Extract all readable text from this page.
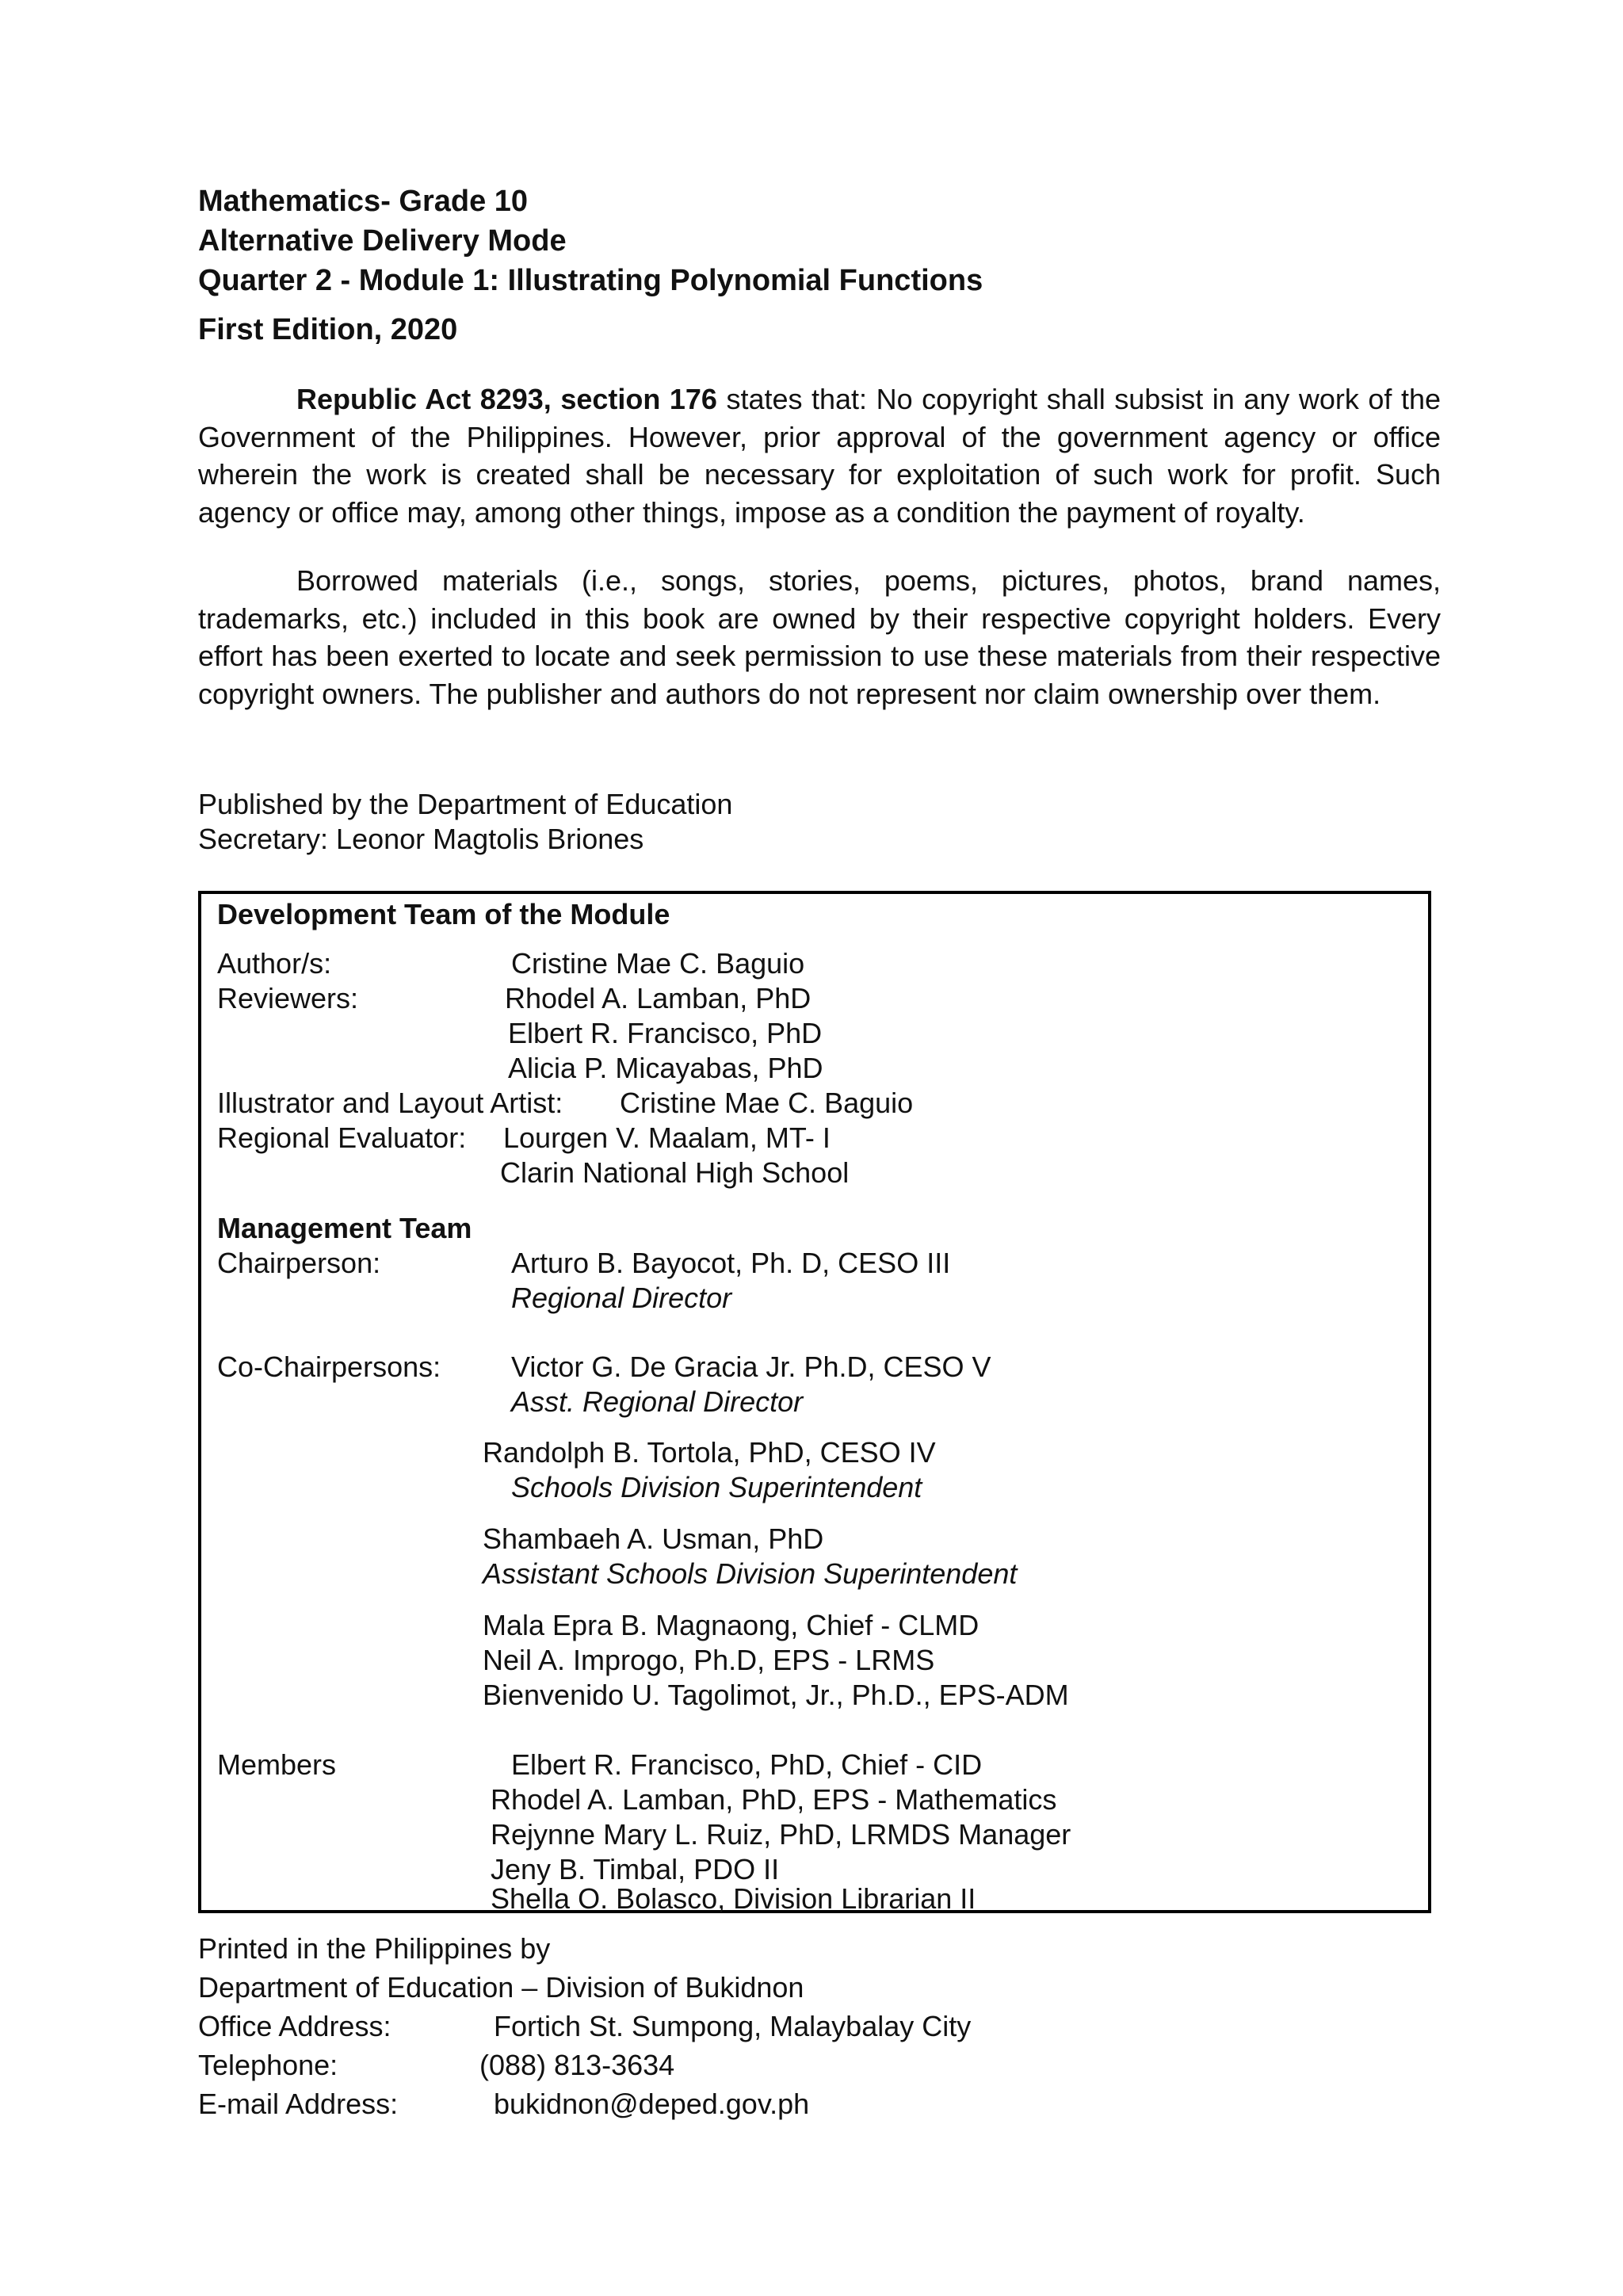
Mathematics- Grade 10
Alternative Delivery Mode
Quarter 2 - Module 1: Illustrating Polynomial Functions
First Edition, 2020

Republic Act 8293, section 176 states that: No copyright shall subsist in any work of the Government of the Philippines. However, prior approval of the government agency or office wherein the work is created shall be necessary for exploitation of such work for profit. Such agency or office may, among other things, impose as a condition the payment of royalty.

Borrowed materials (i.e., songs, stories, poems, pictures, photos, brand names, trademarks, etc.) included in this book are owned by their respective copyright holders. Every effort has been exerted to locate and seek permission to use these materials from their respective copyright owners. The publisher and authors do not represent nor claim ownership over them.

Published by the Department of Education
Secretary: Leonor Magtolis Briones
Development Team of the Module
Author/s:	Cristine Mae C. Baguio
Reviewers:	Rhodel A. Lamban, PhD
Elbert R. Francisco, PhD
Alicia P. Micayabas, PhD
Illustrator and Layout Artist: Cristine Mae C. Baguio
Regional Evaluator: Lourgen V. Maalam, MT- I
Clarin National High School
Management Team
Chairperson:	Arturo B. Bayocot, Ph. D, CESO III
Regional Director
Co-Chairpersons: Victor G. De Gracia Jr. Ph.D, CESO V
Asst. Regional Director
Randolph B. Tortola, PhD, CESO IV
Schools Division Superintendent
Shambaeh A. Usman, PhD
Assistant Schools Division Superintendent
Mala Epra B. Magnaong, Chief - CLMD
Neil A. Improgo, Ph.D, EPS - LRMS
Bienvenido U. Tagolimot, Jr., Ph.D., EPS-ADM
Members	Elbert R. Francisco, PhD, Chief - CID
Rhodel A. Lamban, PhD, EPS - Mathematics
Rejynne Mary L. Ruiz, PhD, LRMDS Manager
Jeny B. Timbal, PDO II
Shella O. Bolasco, Division Librarian II
Printed in the Philippines by
Department of Education – Division of Bukidnon
Office Address:	Fortich St. Sumpong, Malaybalay City
Telephone:	(088) 813-3634
E-mail Address:	bukidnon@deped.gov.ph
